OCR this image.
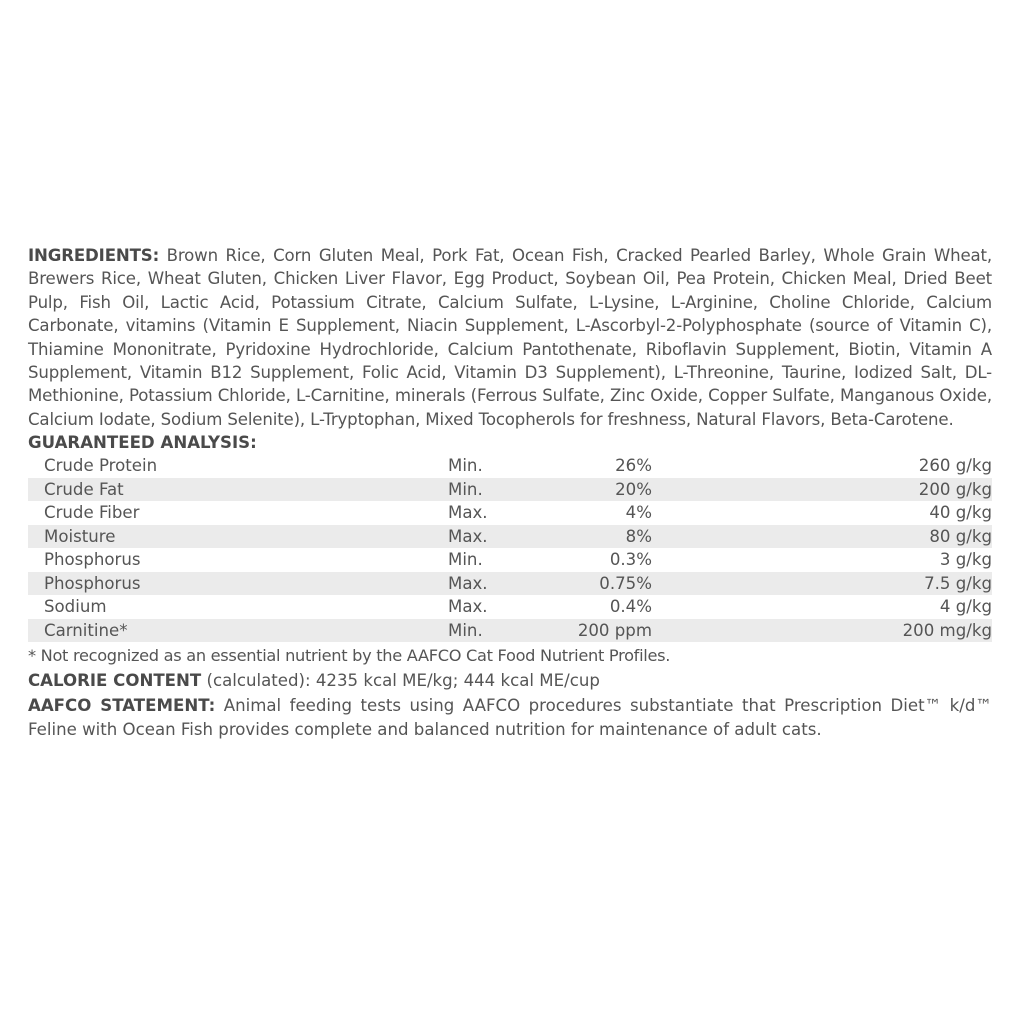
INGREDIENTS: Brown Rice, Corn Gluten Meal, Pork Fat, Ocean Fish, Cracked Pearled Barley, Whole Grain Wheat, Brewers Rice, Wheat Gluten, Chicken Liver Flavor, Egg Product, Soybean Oil, Pea Protein, Chicken Meal, Dried Beet Pulp, Fish Oil, Lactic Acid, Potassium Citrate, Calcium Sulfate, L-Lysine, L-Arginine, Choline Chloride, Calcium Carbonate, vitamins (Vitamin E Supplement, Niacin Supplement, L-Ascorbyl-2-Polyphosphate (source of Vitamin C), Thiamine Mononitrate, Pyridoxine Hydrochloride, Calcium Pantothenate, Riboflavin Supplement, Biotin, Vitamin A Supplement, Vitamin B12 Supplement, Folic Acid, Vitamin D3 Supplement), L-Threonine, Taurine, Iodized Salt, DL-Methionine, Potassium Chloride, L-Carnitine, minerals (Ferrous Sulfate, Zinc Oxide, Copper Sulfate, Manganous Oxide, Calcium Iodate, Sodium Selenite), L-Tryptophan, Mixed Tocopherols for freshness, Natural Flavors, Beta-Carotene.

GUARANTEED ANALYSIS:

Crude Protein	Min.	26%	260 g/kg
Crude Fat	Min.	20%	200 g/kg
Crude Fiber	Max.	4%	40 g/kg
Moisture	Max.	8%	80 g/kg
Phosphorus	Min.	0.3%	3 g/kg
Phosphorus	Max.	0.75%	7.5 g/kg
Sodium	Max.	0.4%	4 g/kg
Carnitine*	Min.	200 ppm	200 mg/kg

* Not recognized as an essential nutrient by the AAFCO Cat Food Nutrient Profiles.

CALORIE CONTENT (calculated): 4235 kcal ME/kg; 444 kcal ME/cup

AAFCO STATEMENT: Animal feeding tests using AAFCO procedures substantiate that Prescription Diet™ k/d™ Feline with Ocean Fish provides complete and balanced nutrition for maintenance of adult cats.
